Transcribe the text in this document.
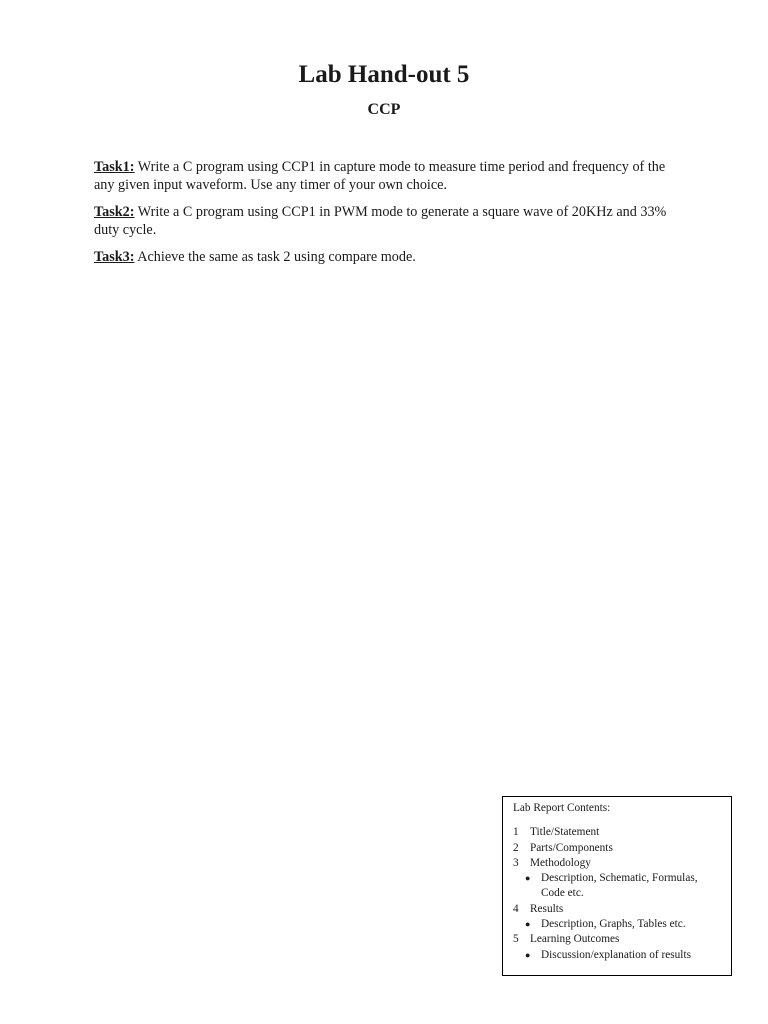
Lab Hand-out 5
CCP

Task1: Write a C program using CCP1 in capture mode to measure time period and frequency of the any given input waveform. Use any timer of your own choice.

Task2: Write a C program using CCP1 in PWM mode to generate a square wave of 20KHz and 33% duty cycle.

Task3: Achieve the same as task 2 using compare mode.

Lab Report Contents:
1	Title/Statement
2	Parts/Components
3	Methodology
● Description, Schematic, Formulas, Code etc.
4	Results
● Description, Graphs, Tables etc.
5	Learning Outcomes
● Discussion/explanation of results
